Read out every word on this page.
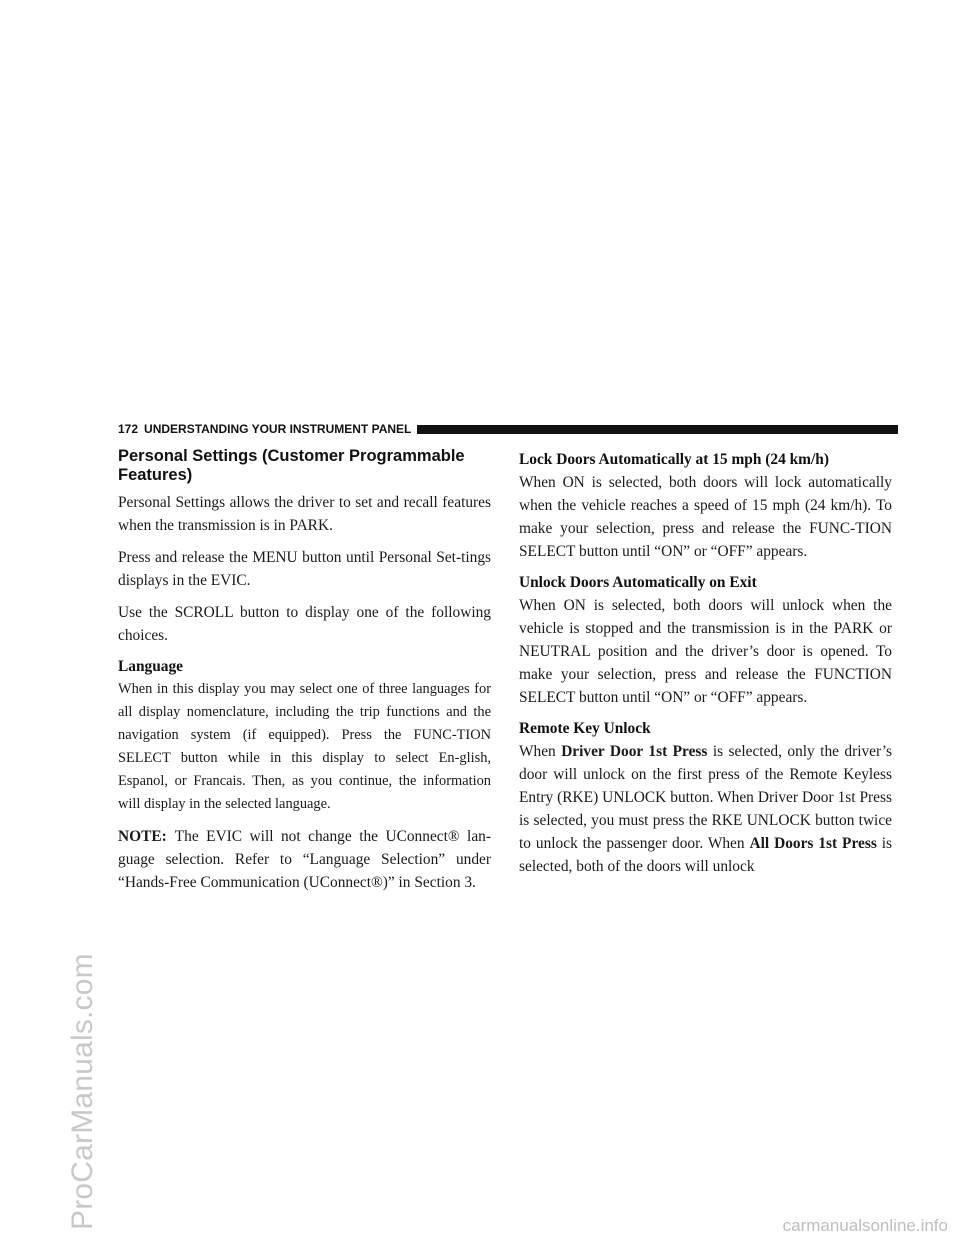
ProCarManuals.com	carmanualsonline.info
172 UNDERSTANDING YOUR INSTRUMENT PANEL
Personal Settings (Customer Programmable Features)

Personal Settings allows the driver to set and recall features when the transmission is in PARK.

Press and release the MENU button until Personal Set-tings displays in the EVIC.

Use the SCROLL button to display one of the following choices.

Language

When in this display you may select one of three languages for all display nomenclature, including the trip functions and the navigation system (if equipped). Press the FUNC-TION SELECT button while in this display to select En-glish, Espanol, or Francais. Then, as you continue, the information will display in the selected language.

NOTE: The EVIC will not change the UConnect® lan-guage selection. Refer to “Language Selection” under “Hands-Free Communication (UConnect®)” in Section 3.

Lock Doors Automatically at 15 mph (24 km/h)

When ON is selected, both doors will lock automatically when the vehicle reaches a speed of 15 mph (24 km/h). To make your selection, press and release the FUNC-TION SELECT button until “ON” or “OFF” appears.

Unlock Doors Automatically on Exit

When ON is selected, both doors will unlock when the vehicle is stopped and the transmission is in the PARK or NEUTRAL position and the driver’s door is opened. To make your selection, press and release the FUNCTION SELECT button until “ON” or “OFF” appears.

Remote Key Unlock

When Driver Door 1st Press is selected, only the driver’s door will unlock on the first press of the Remote Keyless Entry (RKE) UNLOCK button. When Driver Door 1st Press is selected, you must press the RKE UNLOCK button twice to unlock the passenger door. When All Doors 1st Press is selected, both of the doors will unlock
